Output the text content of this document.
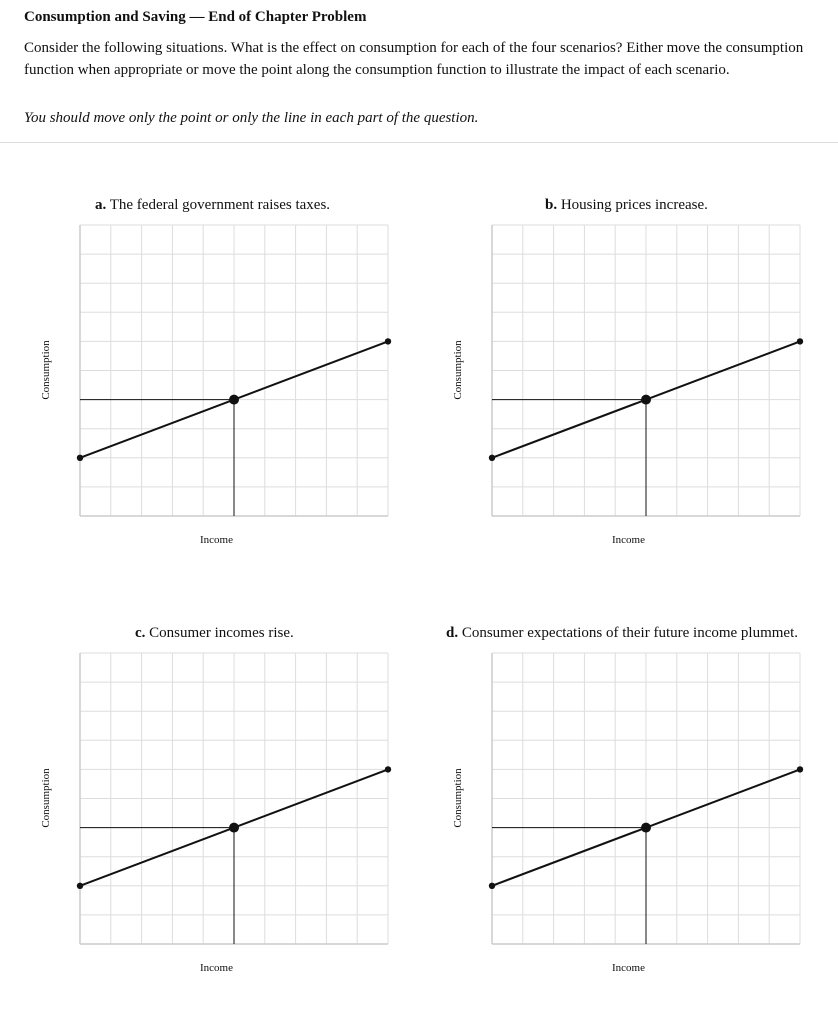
Consumption and Saving — End of Chapter Problem
Consider the following situations. What is the effect on consumption for each of the four scenarios? Either move the consumption function when appropriate or move the point along the consumption function to illustrate the impact of each scenario.
You should move only the point or only the line in each part of the question.
a. The federal government raises taxes.
Consumption
Income
b. Housing prices increase.
Consumption
Income
c. Consumer incomes rise.
Consumption
Income
d. Consumer expectations of their future income plummet.
Consumption
Income
